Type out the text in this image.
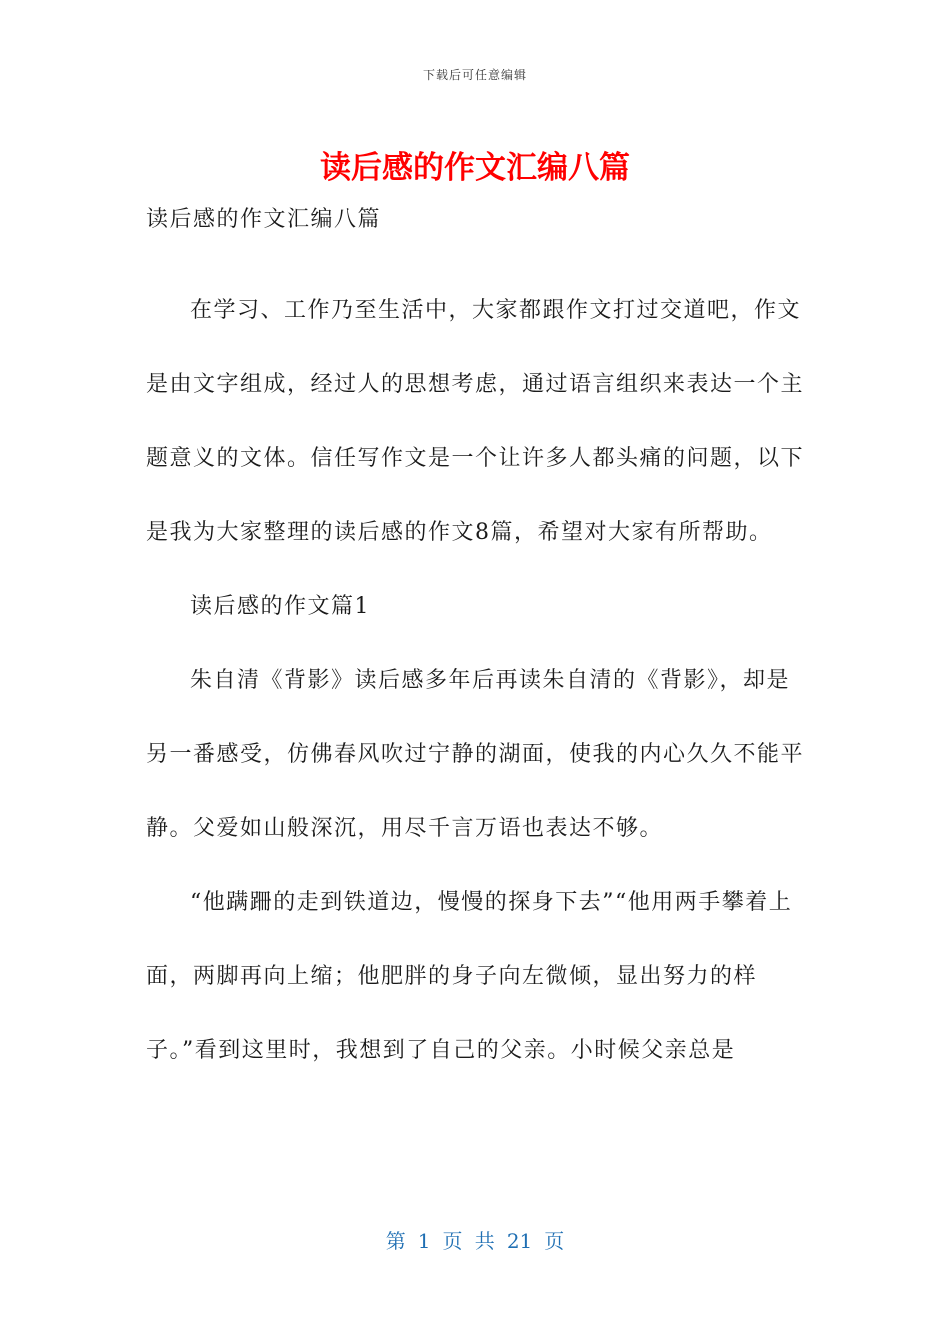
下载后可任意编辑
读后感的作文汇编八篇

读后感的作文汇编八篇

在学习、工作乃至生活中，大家都跟作文打过交道吧，作文是由文字组成，经过人的思想考虑，通过语言组织来表达一个主题意义的文体。信任写作文是一个让许多人都头痛的问题，以下是我为大家整理的读后感的作文8篇，希望对大家有所帮助。

读后感的作文篇1

朱自清《背影》读后感多年后再读朱自清的《背影》，却是另一番感受，仿佛春风吹过宁静的湖面，使我的内心久久不能平静。父爱如山般深沉，用尽千言万语也表达不够。

“他蹒跚的走到铁道边，慢慢的探身下去”“他用两手攀着上面，两脚再向上缩；他肥胖的身子向左微倾，显出努力的样子。”看到这里时，我想到了自己的父亲。小时候父亲总是

第 1 页 共 21 页
